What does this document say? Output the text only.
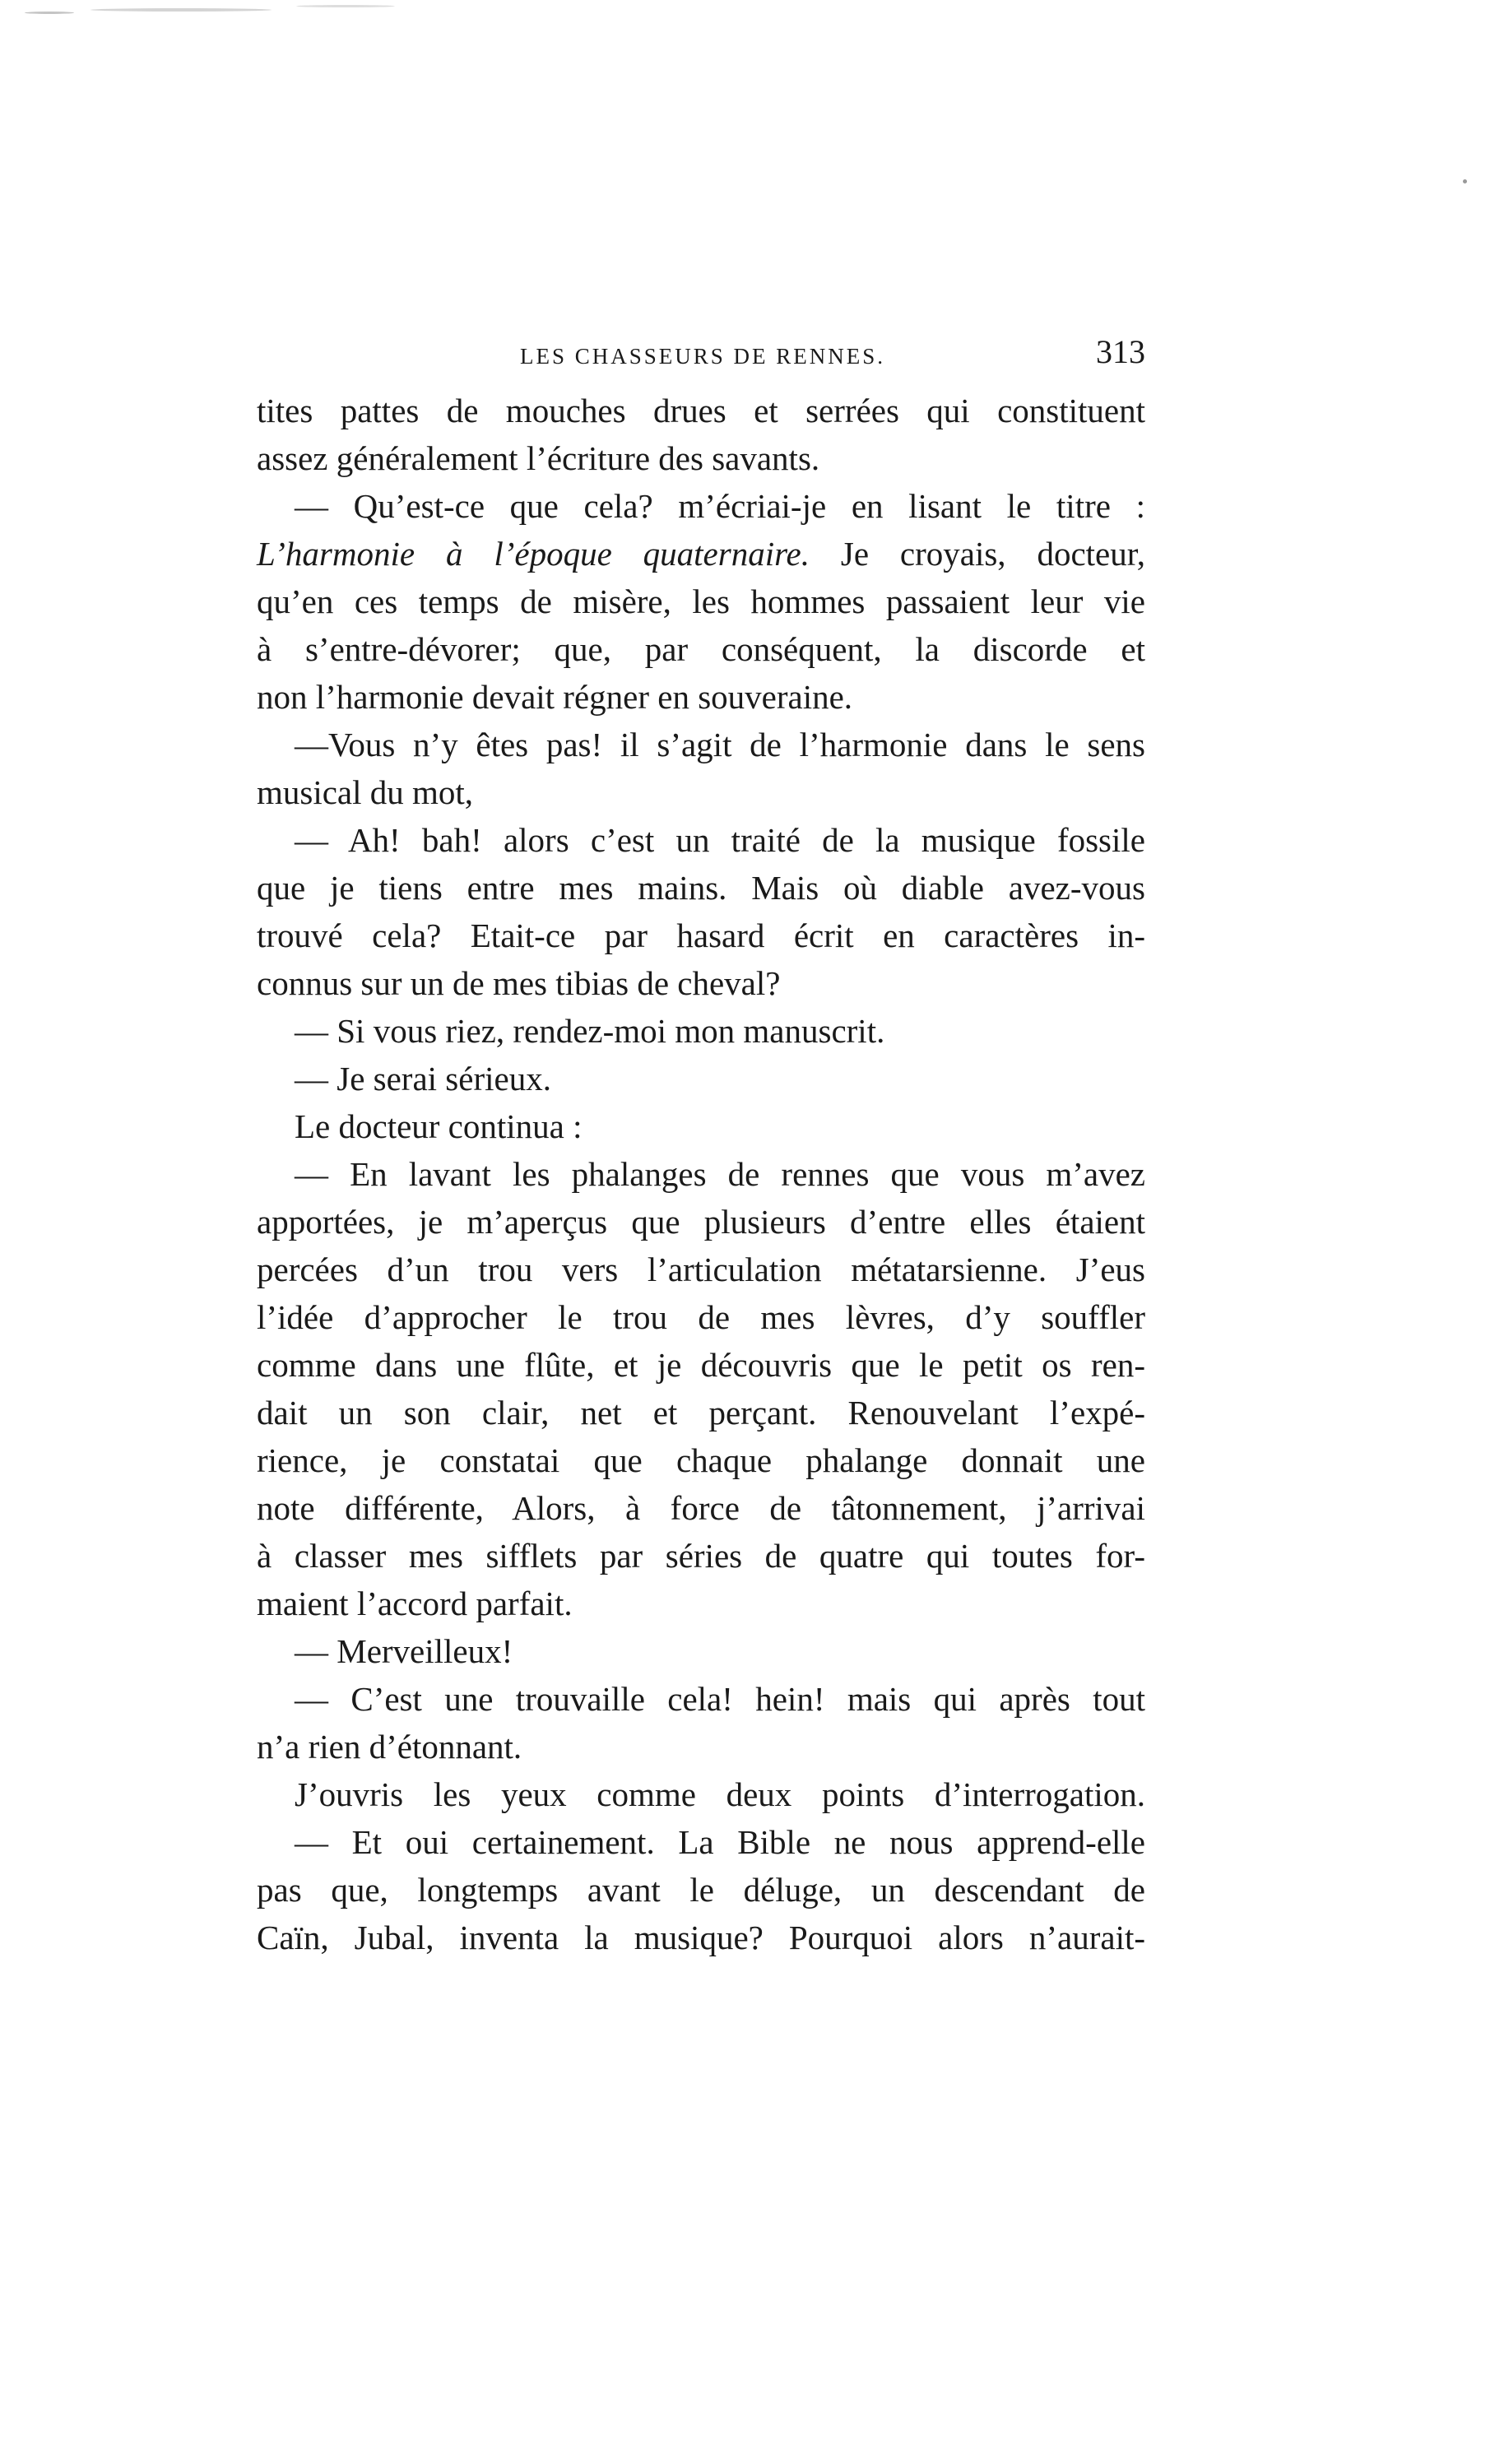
LES CHASSEURS DE RENNES.	313
tites pattes de mouches drues et serrées qui constituent
assez généralement l’écriture des savants.
— Qu’est-ce que cela? m’écriai-je en lisant le titre :
L’harmonie à l’époque quaternaire. Je croyais, docteur,
qu’en ces temps de misère, les hommes passaient leur vie
à s’entre-dévorer; que, par conséquent, la discorde et
non l’harmonie devait régner en souveraine.
—Vous n’y êtes pas! il s’agit de l’harmonie dans le sens
musical du mot,
— Ah! bah! alors c’est un traité de la musique fossile
que je tiens entre mes mains. Mais où diable avez-vous
trouvé cela? Etait-ce par hasard écrit en caractères in-
connus sur un de mes tibias de cheval?
— Si vous riez, rendez-moi mon manuscrit.
— Je serai sérieux.
Le docteur continua :
— En lavant les phalanges de rennes que vous m’avez
apportées, je m’aperçus que plusieurs d’entre elles étaient
percées d’un trou vers l’articulation métatarsienne. J’eus
l’idée d’approcher le trou de mes lèvres, d’y souffler
comme dans une flûte, et je découvris que le petit os ren-
dait un son clair, net et perçant. Renouvelant l’expé-
rience, je constatai que chaque phalange donnait une
note différente, Alors, à force de tâtonnement, j’arrivai
à classer mes sifflets par séries de quatre qui toutes for-
maient l’accord parfait.
— Merveilleux!
— C’est une trouvaille cela! hein! mais qui après tout
n’a rien d’étonnant.
J’ouvris les yeux comme deux points d’interrogation.
— Et oui certainement. La Bible ne nous apprend-elle
pas que, longtemps avant le déluge, un descendant de
Caïn, Jubal, inventa la musique? Pourquoi alors n’aurait-
